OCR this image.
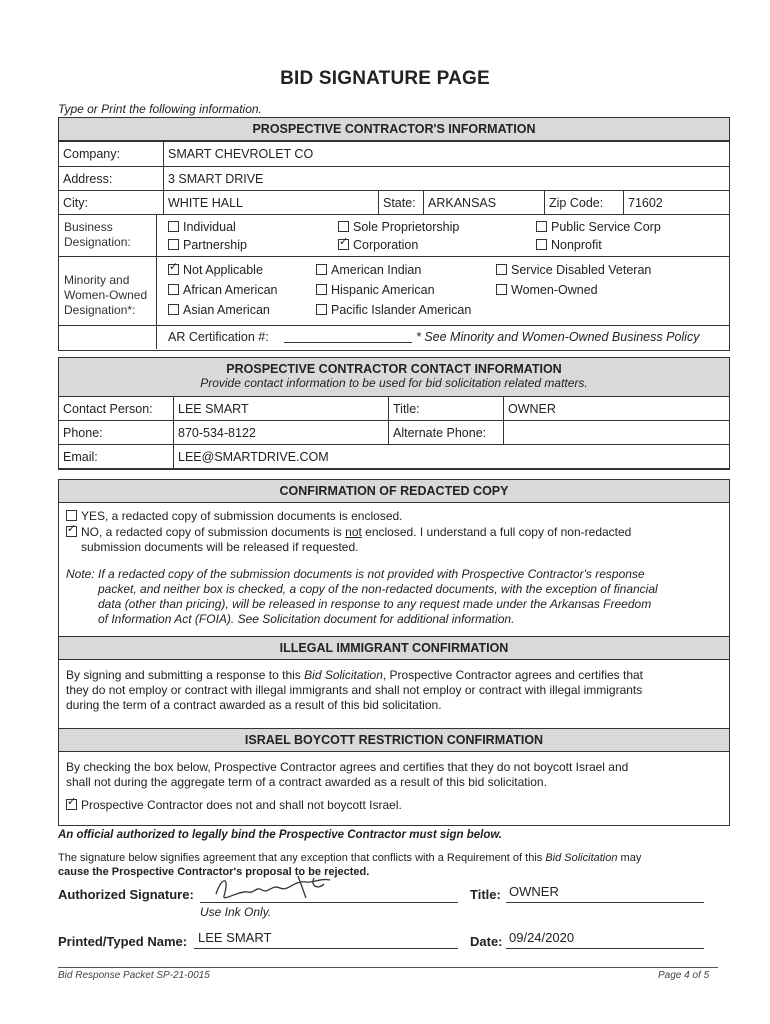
BID SIGNATURE PAGE
Type or Print the following information.
PROSPECTIVE CONTRACTOR'S INFORMATION
Company:	SMART CHEVROLET CO				
Address:	3 SMART DRIVE				
City:	WHITE HALL	State:	ARKANSAS	Zip Code:	71602
Business
Designation:
Individual	Sole Proprietorship	Public Service Corp
Partnership ✓	Corporation	Nonprofit
Minority and
Women-Owned
Designation*:
✓Not Applicable	American Indian	Service Disabled Veteran
African American	Hispanic American	Women-Owned
Asian American	Pacific Islander American
AR Certification #:	* See Minority and Women-Owned Business Policy
PROSPECTIVE CONTRACTOR CONTACT INFORMATION
Provide contact information to be used for bid solicitation related matters.
Contact Person:	LEE SMART	Title:	OWNER
Phone:	870-534-8122	Alternate Phone:	
Email:	LEE@SMARTDRIVE.COM		
CONFIRMATION OF REDACTED COPY
YES, a redacted copy of submission documents is enclosed.
✓NO, a redacted copy of submission documents is not enclosed. I understand a full copy of non-redacted
submission documents will be released if requested.
Note: If a redacted copy of the submission documents is not provided with Prospective Contractor's response
packet, and neither box is checked, a copy of the non-redacted documents, with the exception of financial
data (other than pricing), will be released in response to any request made under the Arkansas Freedom
of Information Act (FOIA). See Solicitation document for additional information.
ILLEGAL IMMIGRANT CONFIRMATION
By signing and submitting a response to this Bid Solicitation, Prospective Contractor agrees and certifies that
they do not employ or contract with illegal immigrants and shall not employ or contract with illegal immigrants
during the term of a contract awarded as a result of this bid solicitation.
ISRAEL BOYCOTT RESTRICTION CONFIRMATION
By checking the box below, Prospective Contractor agrees and certifies that they do not boycott Israel and
shall not during the aggregate term of a contract awarded as a result of this bid solicitation.
✓Prospective Contractor does not and shall not boycott Israel.
An official authorized to legally bind the Prospective Contractor must sign below.
The signature below signifies agreement that any exception that conflicts with a Requirement of this Bid Solicitation may
cause the Prospective Contractor's proposal to be rejected.
Authorized Signature:
Use Ink Only.
Title: OWNER
Printed/Typed Name: LEE SMART	Date: 09/24/2020
Bid Response Packet SP-21-0015	Page 4 of 5
